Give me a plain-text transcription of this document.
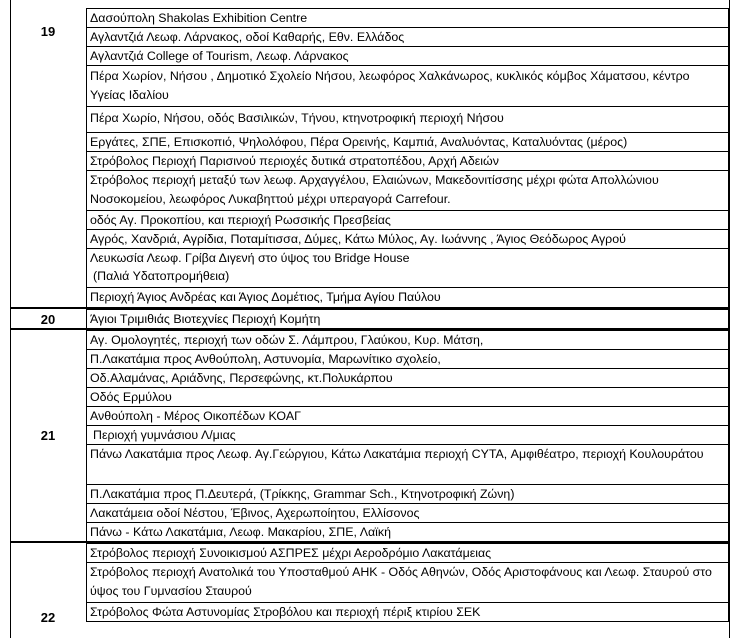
19
Δασούπολη Shakolas Exhibition Centre
Αγλαντζιά Λεωφ. Λάρνακος, οδοί Καθαρής, Εθν. Ελλάδος
Αγλαντζιά College of Tourism, Λεωφ. Λάρνακος
Πέρα Χωρίον, Νήσου , Δημοτικό Σχολείο Νήσου, λεωφόρος Χαλκάνωρος, κυκλικός κόμβος Χάματσου, κέντρο Υγείας Ιδαλίου
Πέρα Χωρίο, Νήσου, οδός Βασιλικών, Τήνου, κτηνοτροφική περιοχή Νήσου
Εργάτες, ΣΠΕ, Επισκοπιό, Ψηλολόφου, Πέρα Ορεινής, Καμπιά, Αναλυόντας, Καταλυόντας (μέρος)
Στρόβολος Περιοχή Παρισινού περιοχές δυτικά στρατοπέδου, Αρχή Αδειών
Στρόβολος περιοχή μεταξύ των λεωφ. Αρχαγγέλου, Ελαιώνων, Μακεδονιτίσσης μέχρι φώτα Απολλώνιου Νοσοκομείου, λεωφόρος Λυκαβηττού μέχρι υπεραγορά Carrefour.
οδός Αγ. Προκοπίου, και περιοχή Ρωσσικής Πρεσβείας
Αγρός, Χανδριά, Αγρίδια, Ποταμίτισσα, Δύμες, Κάτω Μύλος, Αγ. Ιωάννης , Άγιος Θεόδωρος Αγρού
Λευκωσία Λεωφ. Γρίβα Διγενή στο ύψος του Bridge House
(Παλιά Υδατοπρομήθεια)
Περιοχή Άγιος Ανδρέας και Άγιος Δομέτιος, Τμήμα Αγίου Παύλου
20	Άγιοι Τριμιθιάς Βιοτεχνίες Περιοχή Κομήτη
21
Αγ. Ομολογητές, περιοχή των οδών Σ. Λάμπρου, Γλαύκου, Κυρ. Μάτση,
Π.Λακατάμια προς Ανθούπολη, Αστυνομία, Μαρωνίτικο σχολείο,
Οδ.Αλαμάνας, Αριάδνης, Περσεφώνης, κτ.Πολυκάρπου
Οδός Ερμύλου
Ανθούπολη - Μέρος Οικοπέδων ΚΟΑΓ
Περιοχή γυμνάσιου Λ/μιας
Πάνω Λακατάμια προς Λεωφ. Αγ.Γεώργιου, Κάτω Λακατάμια περιοχή CYTA, Αμφιθέατρο, περιοχή Κουλουράτου
Π.Λακατάμια προς Π.Δευτερά, (Τρίκκης, Grammar Sch., Κτηνοτροφική Ζώνη)
Λακατάμεια οδοί Νέστου, Έβινος, Αχερωποίητου, Ελλίσονος
Πάνω - Κάτω Λακατάμια, Λεωφ. Μακαρίου, ΣΠΕ, Λαϊκή
22
Στρόβολος περιοχή Συνοικισμού ΑΣΠΡΕΣ μέχρι Αεροδρόμιο Λακατάμειας
Στρόβολος περιοχή Ανατολικά του Υποσταθμού ΑΗΚ - Οδός Αθηνών, Οδός Αριστοφάνους και Λεωφ. Σταυρού στο ύψος του Γυμνασίου Σταυρού
Στρόβολος Φώτα Αστυνομίας Στροβόλου και περιοχή πέριξ κτιρίου ΣΕΚ
